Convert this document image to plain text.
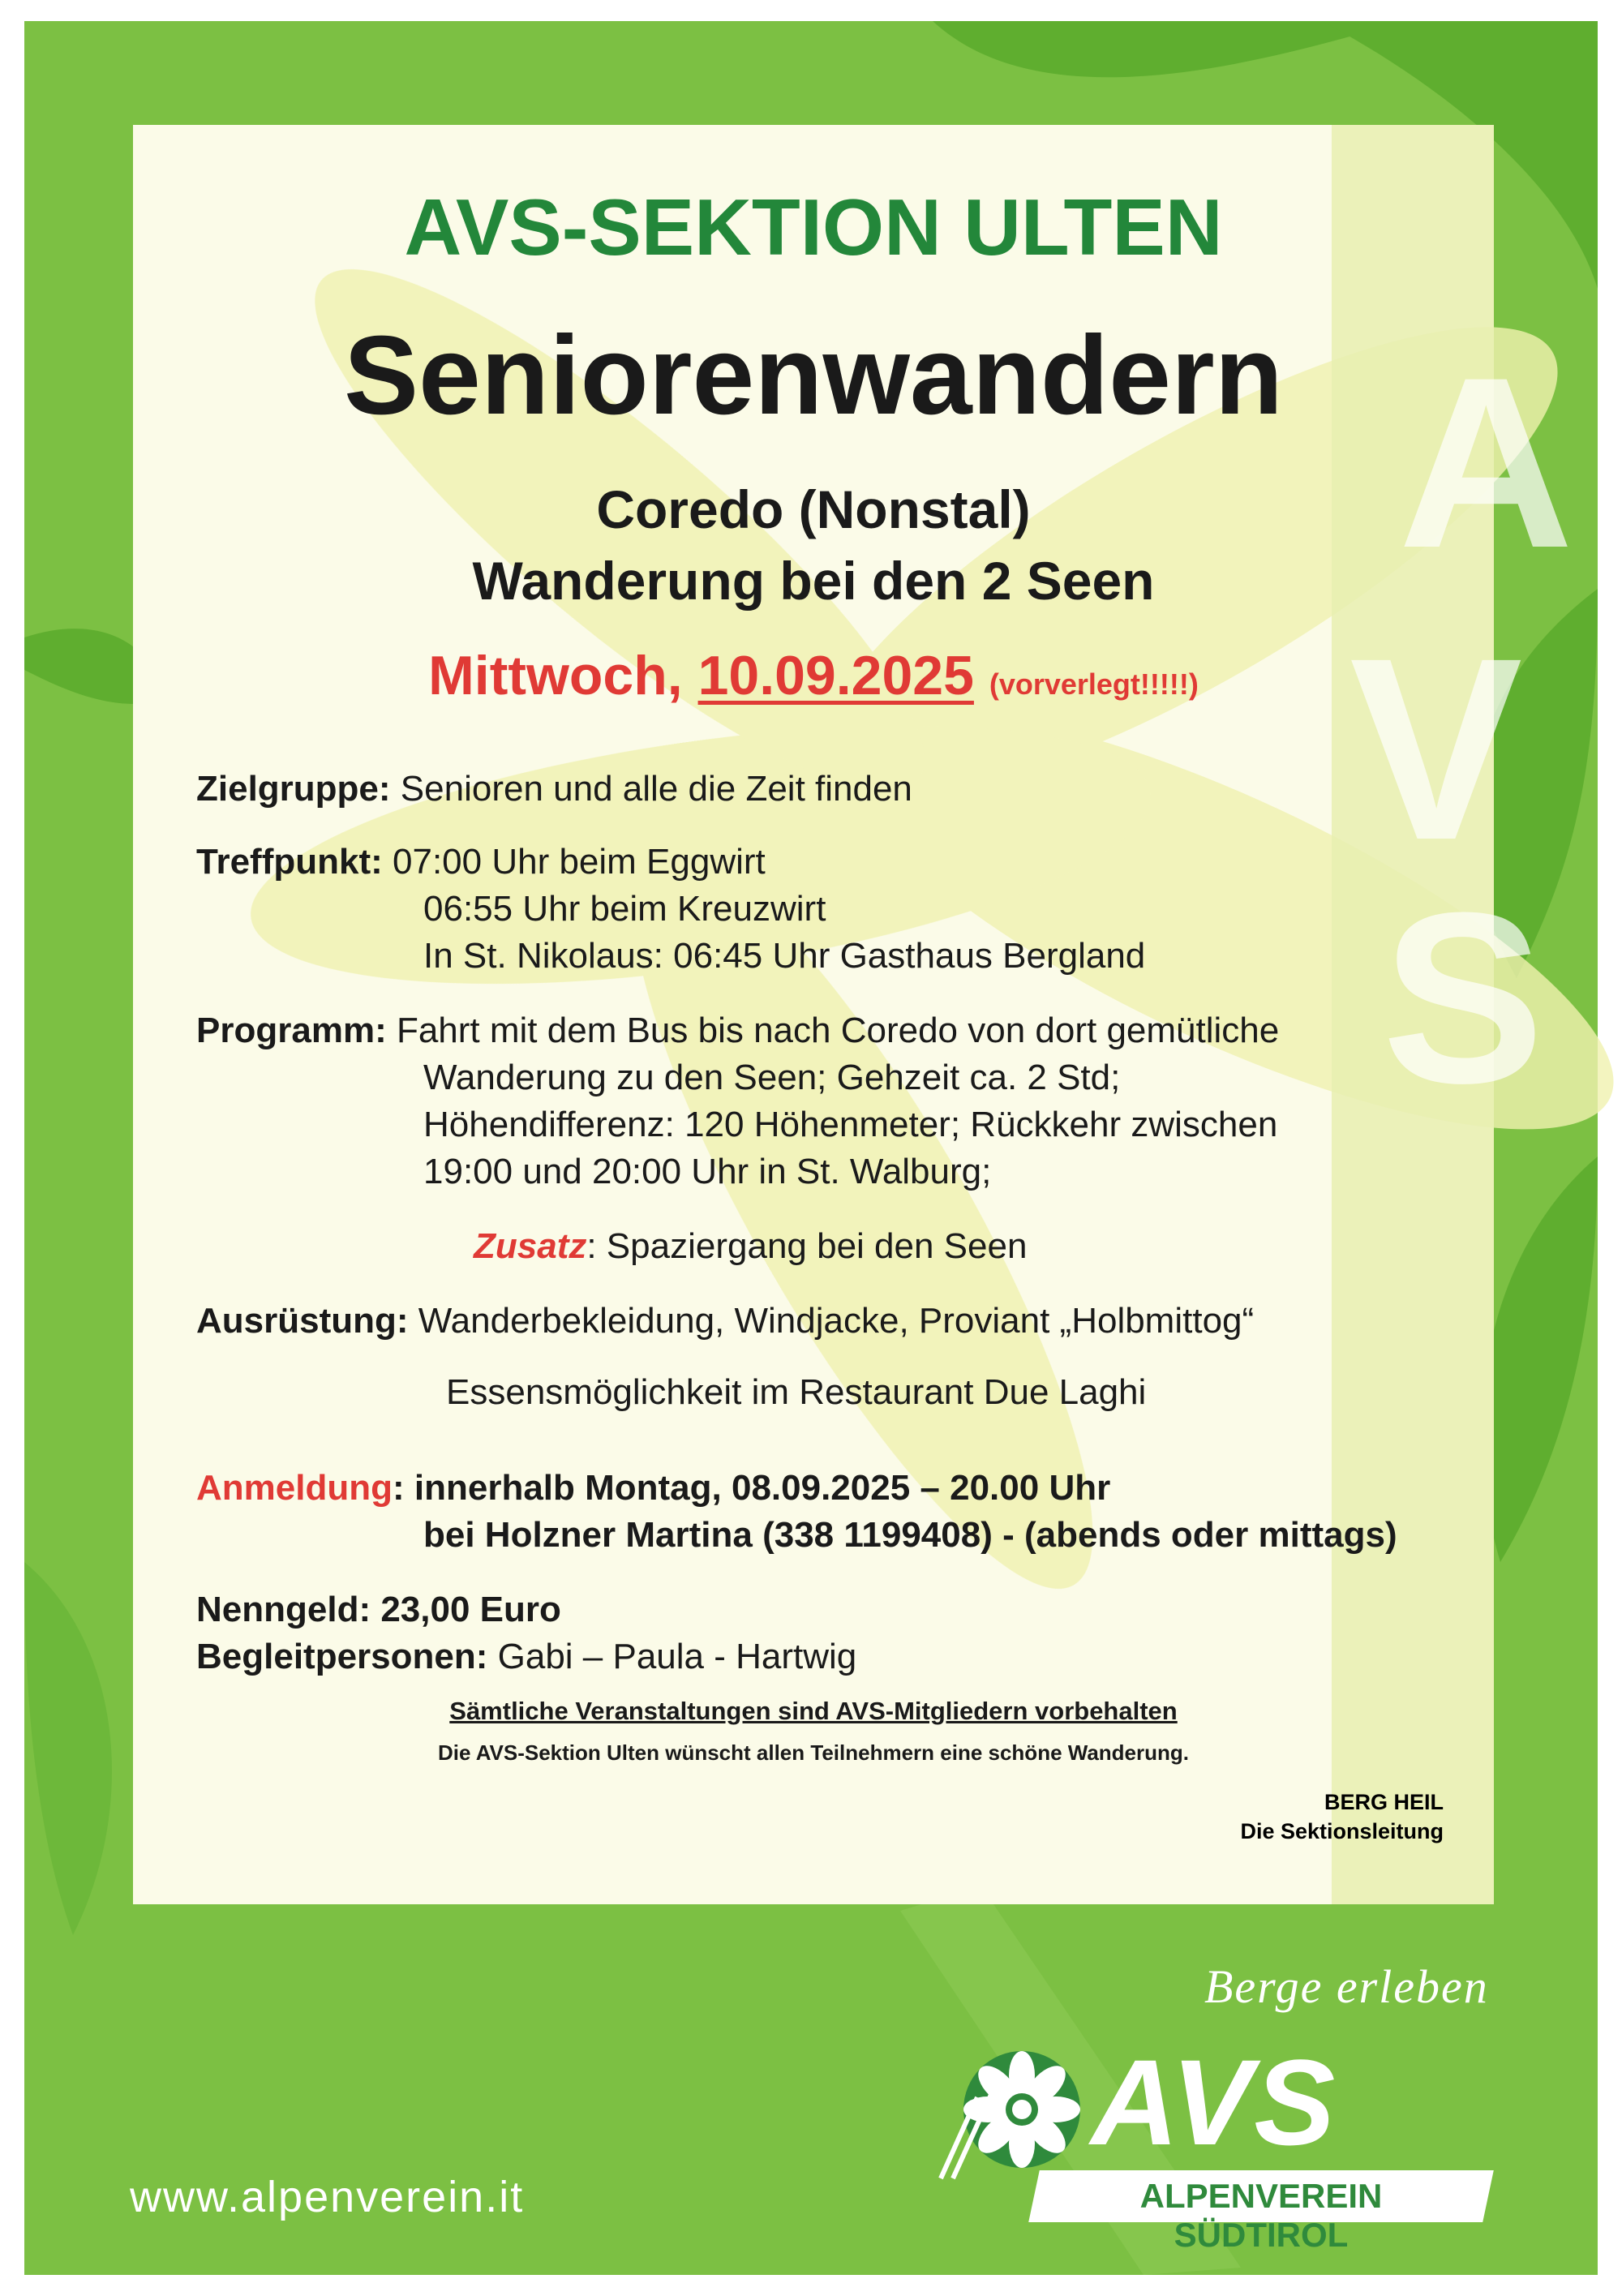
A
V
S
AVS-SEKTION ULTEN
Seniorenwandern
Coredo (Nonstal)
Wanderung bei den 2 Seen
Mittwoch, 10.09.2025 (vorverlegt!!!!!)
Zielgruppe: Senioren und alle die Zeit finden
Treffpunkt: 07:00 Uhr beim Eggwirt
06:55 Uhr beim Kreuzwirt
In St. Nikolaus: 06:45 Uhr Gasthaus Bergland
Programm: Fahrt mit dem Bus bis nach Coredo von dort gemütliche
Wanderung zu den Seen; Gehzeit ca. 2 Std;
Höhendifferenz: 120 Höhenmeter; Rückkehr zwischen
19:00 und 20:00 Uhr in St. Walburg;
Zusatz: Spaziergang bei den Seen
Ausrüstung: Wanderbekleidung, Windjacke, Proviant „Holbmittog“
Essensmöglichkeit im Restaurant Due Laghi
Anmeldung: innerhalb Montag, 08.09.2025 – 20.00 Uhr
bei Holzner Martina (338 1199408) - (abends oder mittags)
Nenngeld: 23,00 Euro
Begleitpersonen: Gabi – Paula - Hartwig
Sämtliche Veranstaltungen sind AVS-Mitgliedern vorbehalten
Die AVS-Sektion Ulten wünscht allen Teilnehmern eine schöne Wanderung.
BERG HEIL
Die Sektionsleitung
Berge erleben
AVS
ALPENVEREIN SÜDTIROL
www.alpenverein.it
